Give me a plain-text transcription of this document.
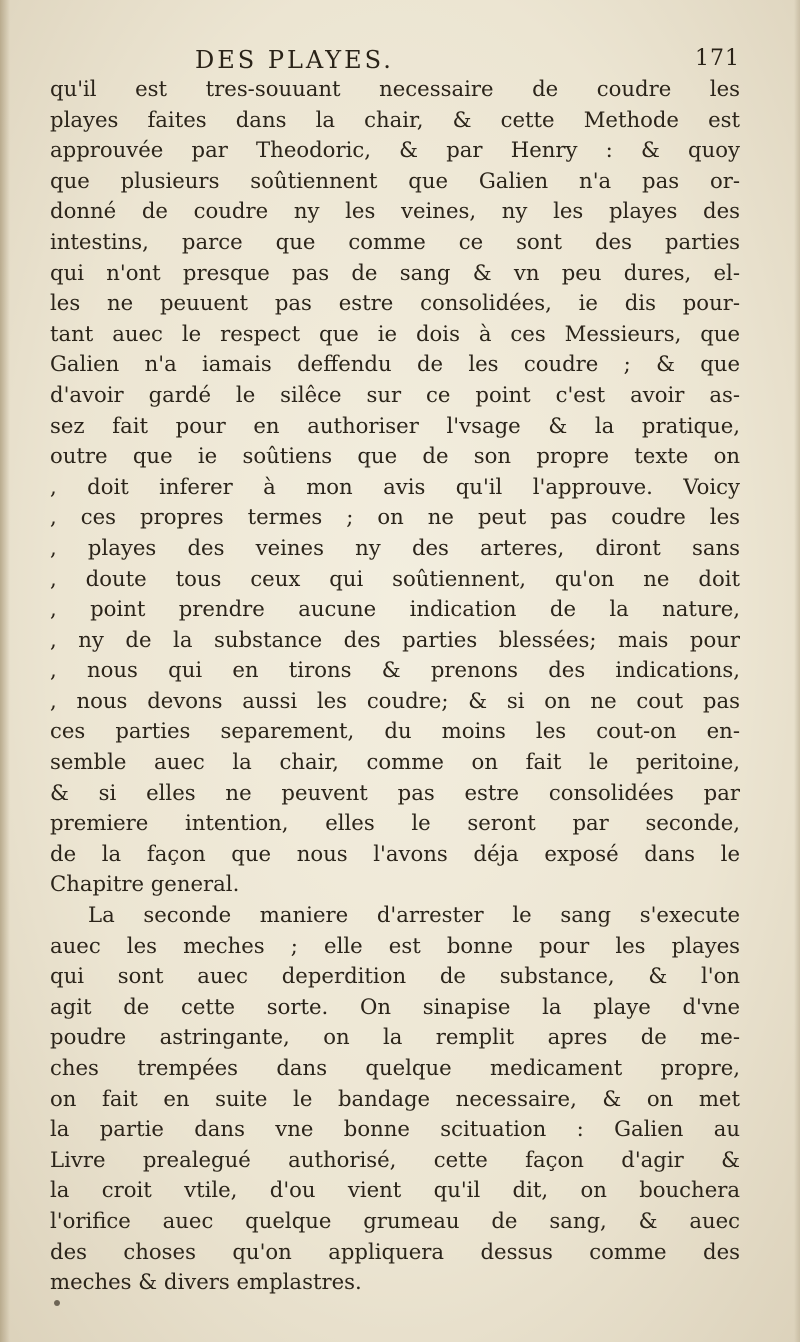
DES PLAYES.	171
qu'il est tres-souuant necessaire de coudre les
playes faites dans la chair, & cette Methode est
approuvée par Theodoric, & par Henry : & quoy
que plusieurs soûtiennent que Galien n'a pas or-
donné de coudre ny les veines, ny les playes des
intestins, parce que comme ce sont des parties
qui n'ont presque pas de sang & vn peu dures, el-
les ne peuuent pas estre consolidées, ie dis pour-
tant auec le respect que ie dois à ces Messieurs, que
Galien n'a iamais deffendu de les coudre ; & que
d'avoir gardé le silêce sur ce point c'est avoir as-
sez fait pour en authoriser l'vsage & la pratique,
outre que ie soûtiens que de son propre texte on
, doit inferer à mon avis qu'il l'approuve. Voicy
, ces propres termes ; on ne peut pas coudre les
, playes des veines ny des arteres, diront sans
, doute tous ceux qui soûtiennent, qu'on ne doit
, point prendre aucune indication de la nature,
, ny de la substance des parties blessées; mais pour
, nous qui en tirons & prenons des indications,
, nous devons aussi les coudre; & si on ne cout pas
ces parties separement, du moins les cout-on en-
semble auec la chair, comme on fait le peritoine,
& si elles ne peuvent pas estre consolidées par
premiere intention, elles le seront par seconde,
de la façon que nous l'avons déja exposé dans le
Chapitre general.
La seconde maniere d'arrester le sang s'execute
auec les meches ; elle est bonne pour les playes
qui sont auec deperdition de substance, & l'on
agit de cette sorte. On sinapise la playe d'vne
poudre astringante, on la remplit apres de me-
ches trempées dans quelque medicament propre,
on fait en suite le bandage necessaire, & on met
la partie dans vne bonne scituation : Galien au
Livre prealegué authorisé, cette façon d'agir &
la croit vtile, d'ou vient qu'il dit, on bouchera
l'orifice auec quelque grumeau de sang, & auec
des choses qu'on appliquera dessus comme des
meches & divers emplastres.
